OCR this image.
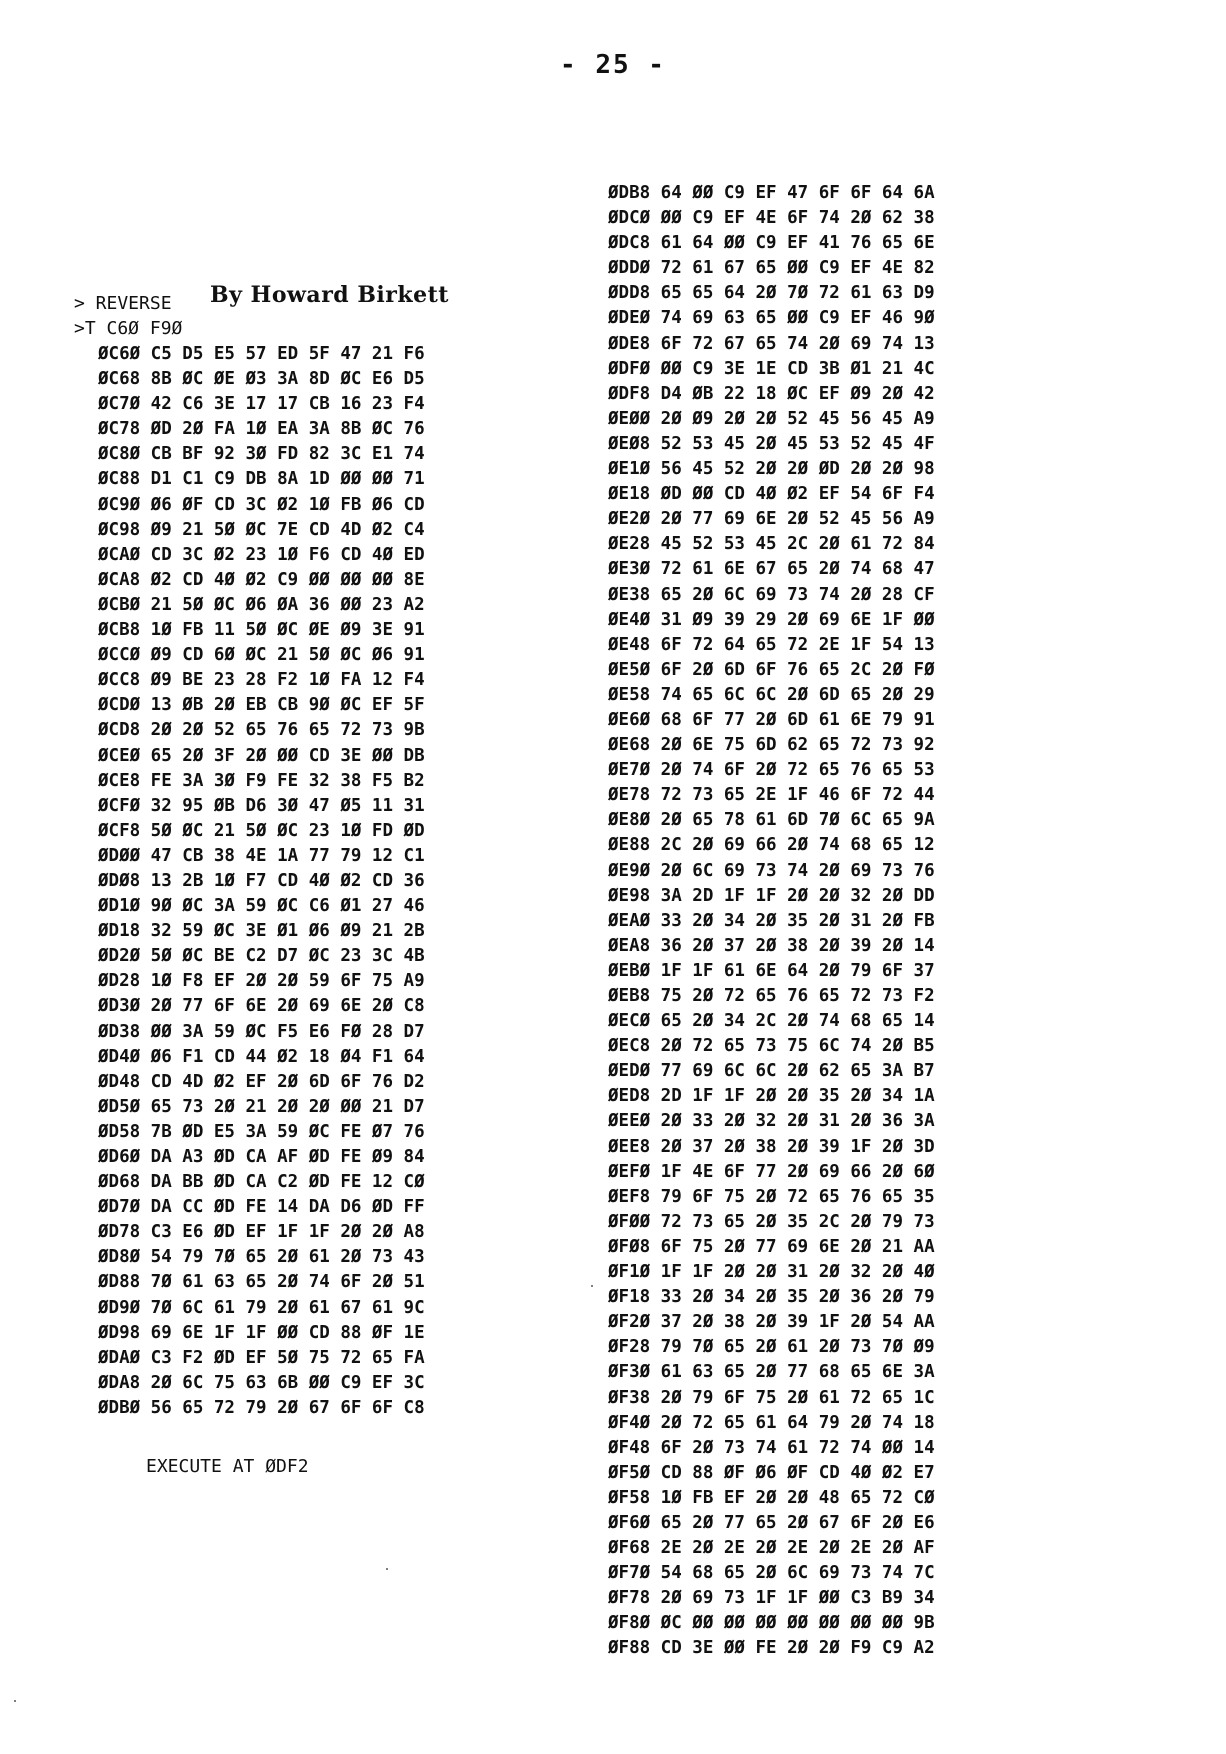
- 25 -
> REVERSE
>T C6Ø F9Ø
By Howard Birkett
ØC6Ø C5 D5 E5 57 ED 5F 47 21 F6
ØC68 8B ØC ØE Ø3 3A 8D ØC E6 D5
ØC7Ø 42 C6 3E 17 17 CB 16 23 F4
ØC78 ØD 2Ø FA 1Ø EA 3A 8B ØC 76
ØC8Ø CB BF 92 3Ø FD 82 3C E1 74
ØC88 D1 C1 C9 DB 8A 1D ØØ ØØ 71
ØC9Ø Ø6 ØF CD 3C Ø2 1Ø FB Ø6 CD
ØC98 Ø9 21 5Ø ØC 7E CD 4D Ø2 C4
ØCAØ CD 3C Ø2 23 1Ø F6 CD 4Ø ED
ØCA8 Ø2 CD 4Ø Ø2 C9 ØØ ØØ ØØ 8E
ØCBØ 21 5Ø ØC Ø6 ØA 36 ØØ 23 A2
ØCB8 1Ø FB 11 5Ø ØC ØE Ø9 3E 91
ØCCØ Ø9 CD 6Ø ØC 21 5Ø ØC Ø6 91
ØCC8 Ø9 BE 23 28 F2 1Ø FA 12 F4
ØCDØ 13 ØB 2Ø EB CB 9Ø ØC EF 5F
ØCD8 2Ø 2Ø 52 65 76 65 72 73 9B
ØCEØ 65 2Ø 3F 2Ø ØØ CD 3E ØØ DB
ØCE8 FE 3A 3Ø F9 FE 32 38 F5 B2
ØCFØ 32 95 ØB D6 3Ø 47 Ø5 11 31
ØCF8 5Ø ØC 21 5Ø ØC 23 1Ø FD ØD
ØDØØ 47 CB 38 4E 1A 77 79 12 C1
ØDØ8 13 2B 1Ø F7 CD 4Ø Ø2 CD 36
ØD1Ø 9Ø ØC 3A 59 ØC C6 Ø1 27 46
ØD18 32 59 ØC 3E Ø1 Ø6 Ø9 21 2B
ØD2Ø 5Ø ØC BE C2 D7 ØC 23 3C 4B
ØD28 1Ø F8 EF 2Ø 2Ø 59 6F 75 A9
ØD3Ø 2Ø 77 6F 6E 2Ø 69 6E 2Ø C8
ØD38 ØØ 3A 59 ØC F5 E6 FØ 28 D7
ØD4Ø Ø6 F1 CD 44 Ø2 18 Ø4 F1 64
ØD48 CD 4D Ø2 EF 2Ø 6D 6F 76 D2
ØD5Ø 65 73 2Ø 21 2Ø 2Ø ØØ 21 D7
ØD58 7B ØD E5 3A 59 ØC FE Ø7 76
ØD6Ø DA A3 ØD CA AF ØD FE Ø9 84
ØD68 DA BB ØD CA C2 ØD FE 12 CØ
ØD7Ø DA CC ØD FE 14 DA D6 ØD FF
ØD78 C3 E6 ØD EF 1F 1F 2Ø 2Ø A8
ØD8Ø 54 79 7Ø 65 2Ø 61 2Ø 73 43
ØD88 7Ø 61 63 65 2Ø 74 6F 2Ø 51
ØD9Ø 7Ø 6C 61 79 2Ø 61 67 61 9C
ØD98 69 6E 1F 1F ØØ CD 88 ØF 1E
ØDAØ C3 F2 ØD EF 5Ø 75 72 65 FA
ØDA8 2Ø 6C 75 63 6B ØØ C9 EF 3C
ØDBØ 56 65 72 79 2Ø 67 6F 6F C8
ØDB8 64 ØØ C9 EF 47 6F 6F 64 6A
ØDCØ ØØ C9 EF 4E 6F 74 2Ø 62 38
ØDC8 61 64 ØØ C9 EF 41 76 65 6E
ØDDØ 72 61 67 65 ØØ C9 EF 4E 82
ØDD8 65 65 64 2Ø 7Ø 72 61 63 D9
ØDEØ 74 69 63 65 ØØ C9 EF 46 9Ø
ØDE8 6F 72 67 65 74 2Ø 69 74 13
ØDFØ ØØ C9 3E 1E CD 3B Ø1 21 4C
ØDF8 D4 ØB 22 18 ØC EF Ø9 2Ø 42
ØEØØ 2Ø Ø9 2Ø 2Ø 52 45 56 45 A9
ØEØ8 52 53 45 2Ø 45 53 52 45 4F
ØE1Ø 56 45 52 2Ø 2Ø ØD 2Ø 2Ø 98
ØE18 ØD ØØ CD 4Ø Ø2 EF 54 6F F4
ØE2Ø 2Ø 77 69 6E 2Ø 52 45 56 A9
ØE28 45 52 53 45 2C 2Ø 61 72 84
ØE3Ø 72 61 6E 67 65 2Ø 74 68 47
ØE38 65 2Ø 6C 69 73 74 2Ø 28 CF
ØE4Ø 31 Ø9 39 29 2Ø 69 6E 1F ØØ
ØE48 6F 72 64 65 72 2E 1F 54 13
ØE5Ø 6F 2Ø 6D 6F 76 65 2C 2Ø FØ
ØE58 74 65 6C 6C 2Ø 6D 65 2Ø 29
ØE6Ø 68 6F 77 2Ø 6D 61 6E 79 91
ØE68 2Ø 6E 75 6D 62 65 72 73 92
ØE7Ø 2Ø 74 6F 2Ø 72 65 76 65 53
ØE78 72 73 65 2E 1F 46 6F 72 44
ØE8Ø 2Ø 65 78 61 6D 7Ø 6C 65 9A
ØE88 2C 2Ø 69 66 2Ø 74 68 65 12
ØE9Ø 2Ø 6C 69 73 74 2Ø 69 73 76
ØE98 3A 2D 1F 1F 2Ø 2Ø 32 2Ø DD
ØEAØ 33 2Ø 34 2Ø 35 2Ø 31 2Ø FB
ØEA8 36 2Ø 37 2Ø 38 2Ø 39 2Ø 14
ØEBØ 1F 1F 61 6E 64 2Ø 79 6F 37
ØEB8 75 2Ø 72 65 76 65 72 73 F2
ØECØ 65 2Ø 34 2C 2Ø 74 68 65 14
ØEC8 2Ø 72 65 73 75 6C 74 2Ø B5
ØEDØ 77 69 6C 6C 2Ø 62 65 3A B7
ØED8 2D 1F 1F 2Ø 2Ø 35 2Ø 34 1A
ØEEØ 2Ø 33 2Ø 32 2Ø 31 2Ø 36 3A
ØEE8 2Ø 37 2Ø 38 2Ø 39 1F 2Ø 3D
ØEFØ 1F 4E 6F 77 2Ø 69 66 2Ø 6Ø
ØEF8 79 6F 75 2Ø 72 65 76 65 35
ØFØØ 72 73 65 2Ø 35 2C 2Ø 79 73
ØFØ8 6F 75 2Ø 77 69 6E 2Ø 21 AA
ØF1Ø 1F 1F 2Ø 2Ø 31 2Ø 32 2Ø 4Ø
ØF18 33 2Ø 34 2Ø 35 2Ø 36 2Ø 79
ØF2Ø 37 2Ø 38 2Ø 39 1F 2Ø 54 AA
ØF28 79 7Ø 65 2Ø 61 2Ø 73 7Ø Ø9
ØF3Ø 61 63 65 2Ø 77 68 65 6E 3A
ØF38 2Ø 79 6F 75 2Ø 61 72 65 1C
ØF4Ø 2Ø 72 65 61 64 79 2Ø 74 18
ØF48 6F 2Ø 73 74 61 72 74 ØØ 14
ØF5Ø CD 88 ØF Ø6 ØF CD 4Ø Ø2 E7
ØF58 1Ø FB EF 2Ø 2Ø 48 65 72 CØ
ØF6Ø 65 2Ø 77 65 2Ø 67 6F 2Ø E6
ØF68 2E 2Ø 2E 2Ø 2E 2Ø 2E 2Ø AF
ØF7Ø 54 68 65 2Ø 6C 69 73 74 7C
ØF78 2Ø 69 73 1F 1F ØØ C3 B9 34
ØF8Ø ØC ØØ ØØ ØØ ØØ ØØ ØØ ØØ 9B
ØF88 CD 3E ØØ FE 2Ø 2Ø F9 C9 A2
EXECUTE AT ØDF2
